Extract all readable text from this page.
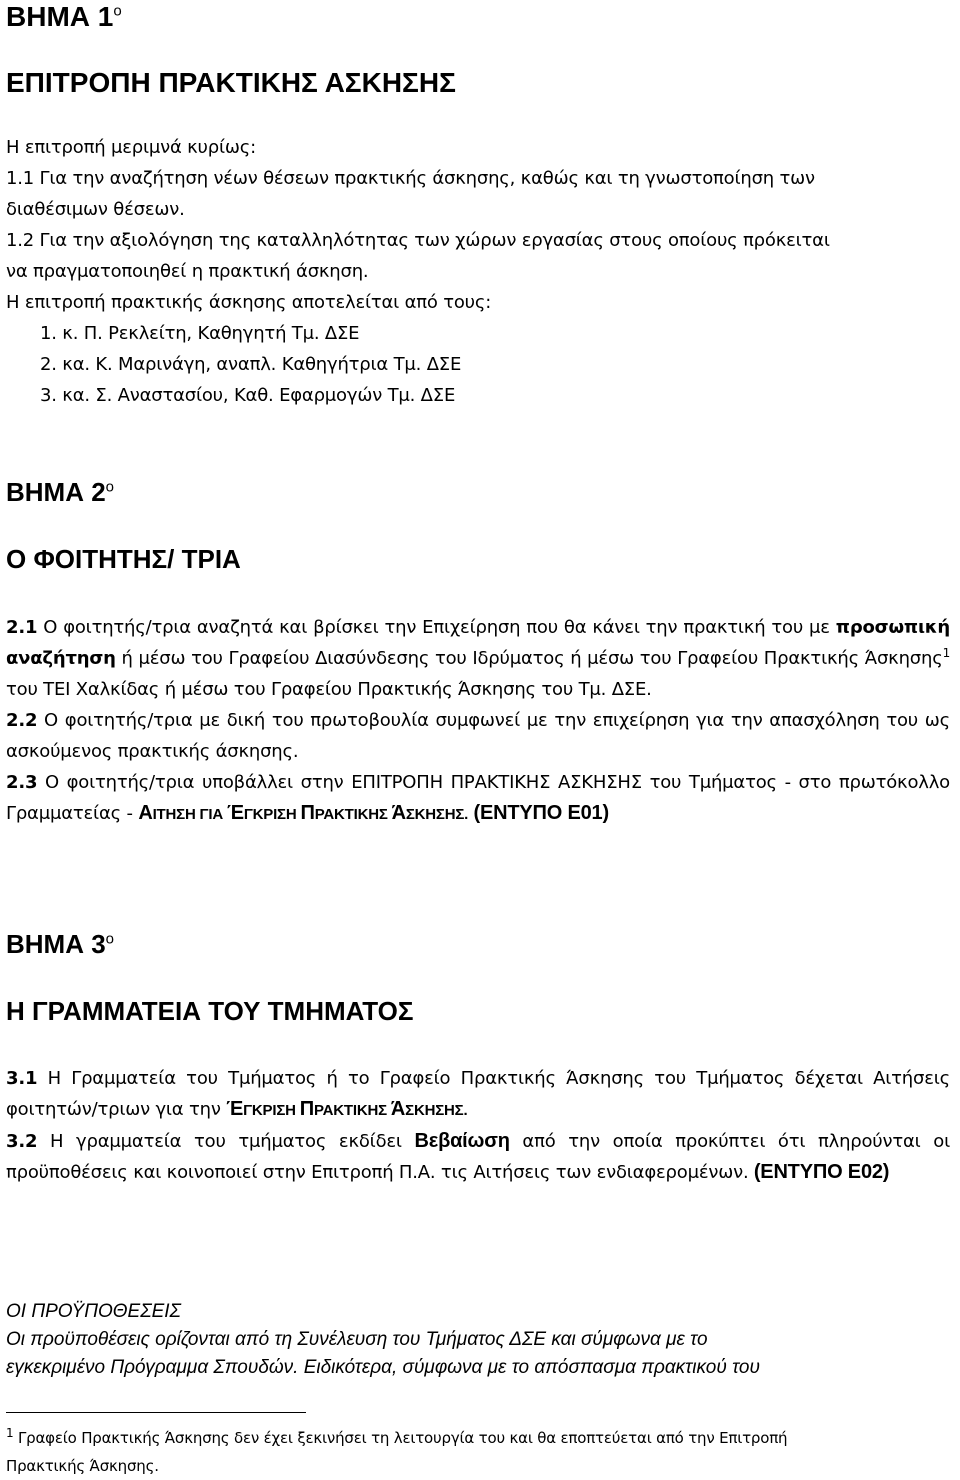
ΒΗΜΑ $1^o$
ΕΠΙΤΡΟΠΗ ΠΡΑΚΤΙΚΗΣ ΑΣΚΗΣΗΣ
Η επιτροπή μεριμνά κυρίως:
1.1 Για την αναζήτηση νέων θέσεων πρακτικής άσκησης, καθώς και τη γνωστοποίηση των
διαθέσιμων θέσεων.
1.2 Για την αξιολόγηση της καταλληλότητας των χώρων εργασίας στους οποίους πρόκειται
να πραγματοποιηθεί η πρακτική άσκηση.
Η επιτροπή πρακτικής άσκησης αποτελείται από τους:
1. κ. Π. Ρεκλείτη, Καθηγητή Τμ. ΔΣΕ
2. κα. Κ. Μαρινάγη, αναπλ. Καθηγήτρια Τμ. ΔΣΕ
3. κα. Σ. Αναστασίου, Καθ. Εφαρμογών Τμ. ΔΣΕ
ΒΗΜΑ $2^o$
Ο ΦΟΙΤΗΤΗΣ/ ΤΡΙΑ
2.1 Ο φοιτητής/τρια αναζητά και βρίσκει την Επιχείρηση που θα κάνει την πρακτική του με προσωπική αναζήτηση ή μέσω του Γραφείου Διασύνδεσης του Ιδρύματος ή μέσω του Γραφείου Πρακτικής Άσκησης$^1$ του ΤΕΙ Χαλκίδας ή μέσω του Γραφείου Πρακτικής Άσκησης του Τμ. ΔΣΕ.
2.2 Ο φοιτητής/τρια με δική του πρωτοβουλία συμφωνεί με την επιχείρηση για την απασχόληση του ως ασκούμενος πρακτικής άσκησης.
2.3 Ο φοιτητής/τρια υποβάλλει στην ΕΠΙΤΡΟΠΗ ΠΡΑΚΤΙΚΗΣ ΑΣΚΗΣΗΣ του Τμήματος - στο πρωτόκολλο Γραμματείας - ΑΙΤΗΣΗ ΓΙΑ ΈΓΚΡΙΣΗ ΠΡΑΚΤΙΚΗΣ ΆΣΚΗΣΗΣ. (ΕΝΤΥΠΟ Ε01)
ΒΗΜΑ $3^o$
Η ΓΡΑΜΜΑΤΕΙΑ ΤΟΥ ΤΜΗΜΑΤΟΣ
3.1 Η Γραμματεία του Τμήματος ή το Γραφείο Πρακτικής Άσκησης του Τμήματος δέχεται Αιτήσεις φοιτητών/τριων για την ΈΓΚΡΙΣΗ ΠΡΑΚΤΙΚΗΣ ΆΣΚΗΣΗΣ.
3.2 Η γραμματεία του τμήματος εκδίδει Βεβαίωση από την οποία προκύπτει ότι πληρούνται οι προϋποθέσεις και κοινοποιεί στην Επιτροπή Π.Α. τις Αιτήσεις των ενδιαφερομένων. (ΕΝΤΥΠΟ Ε02)
ΟΙ ΠΡΟΫΠΟΘΕΣΕΙΣ
Οι προϋποθέσεις ορίζονται από τη Συνέλευση του Τμήματος ΔΣΕ και σύμφωνα με το
εγκεκριμένο Πρόγραμμα Σπουδών. Ειδικότερα, σύμφωνα με το απόσπασμα πρακτικού του
$^1$ Γραφείο Πρακτικής Άσκησης δεν έχει ξεκινήσει τη λειτουργία του και θα εποπτεύεται από την Επιτροπή
Πρακτικής Άσκησης.
